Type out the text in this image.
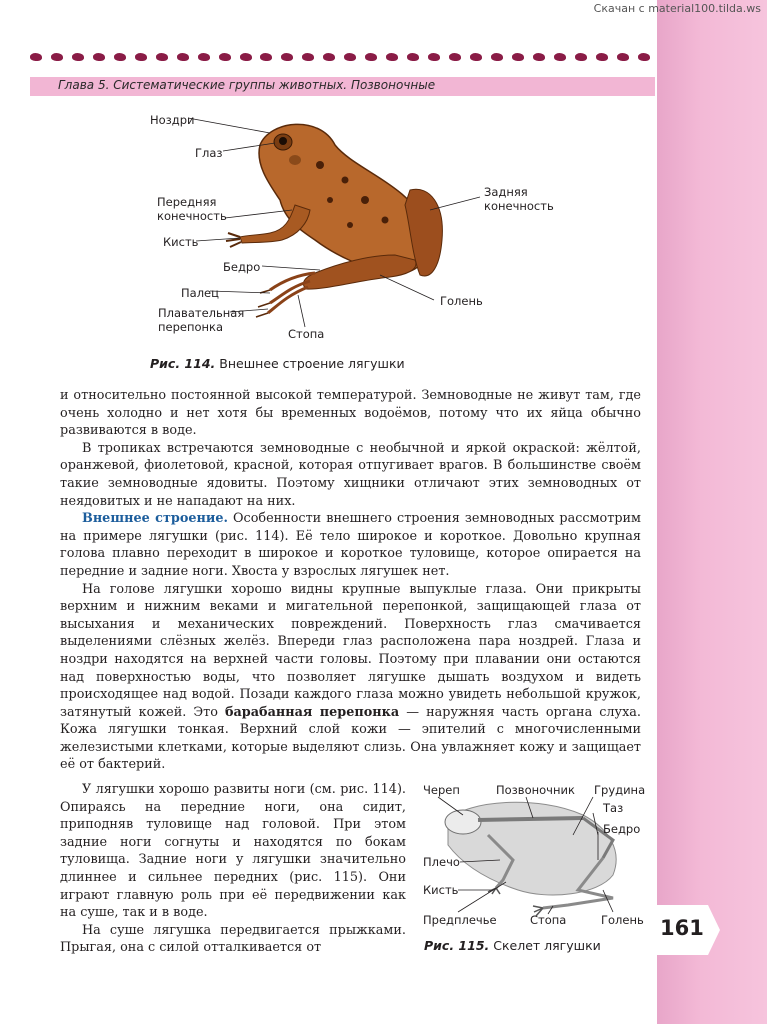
Скачан с material100.tilda.ws
Глава 5. Систематические группы животных. Позвоночные
Ноздри
Глаз
Передняя
конечность
Кисть
Бедро
Палец
Плавательная
перепонка	Стопа
Голень
Задняя
конечность
Рис. 114. Внешнее строение лягушки

и относительно постоянной высокой температурой. Земноводные не живут там, где очень холодно и нет хотя бы временных водоёмов, потому что их яйца обычно развиваются в воде.

В тропиках встречаются земноводные с необычной и яркой окраской: жёлтой, оранжевой, фиолетовой, красной, которая отпугивает врагов. В большинстве своём такие земноводные ядовиты. Поэтому хищники отличают этих земноводных от неядовитых и не нападают на них.

Внешнее строение. Особенности внешнего строения земноводных рассмотрим на примере лягушки (рис. 114). Её тело широкое и короткое. Довольно крупная голова плавно переходит в широкое и короткое туловище, которое опирается на передние и задние ноги. Хвоста у взрослых лягушек нет.

На голове лягушки хорошо видны крупные выпуклые глаза. Они прикрыты верхним и нижним веками и мигательной перепонкой, защищающей глаза от высыхания и механических повреждений. Поверхность глаз смачивается выделениями слёзных желёз. Впереди глаз расположена пара ноздрей. Глаза и ноздри находятся на верхней части головы. Поэтому при плавании они остаются над поверхностью воды, что позволяет лягушке дышать воздухом и видеть происходящее над водой. Позади каждого глаза можно увидеть небольшой кружок, затянутый кожей. Это барабанная перепонка — наружняя часть органа слуха. Кожа лягушки тонкая. Верхний слой кожи — эпителий с многочисленными железистыми клетками, которые выделяют слизь. Она увлажняет кожу и защищает её от бактерий.

У лягушки хорошо развиты ноги (см. рис. 114). Опираясь на передние ноги, она сидит, приподняв туловище над головой. При этом задние ноги согнуты и находятся по бокам туловища. Задние ноги у лягушки значительно длиннее и сильнее передних (рис. 115). Они играют главную роль при её передвижении как на суше, так и в воде.

На суше лягушка передвигается прыжками. Прыгая, она с силой отталкивается от

Череп	Позвоночник Грудина
Таз
Бедро
Плечо
Кисть
Предплечье	Стопа	Голень
Рис. 115. Скелет лягушки
161
